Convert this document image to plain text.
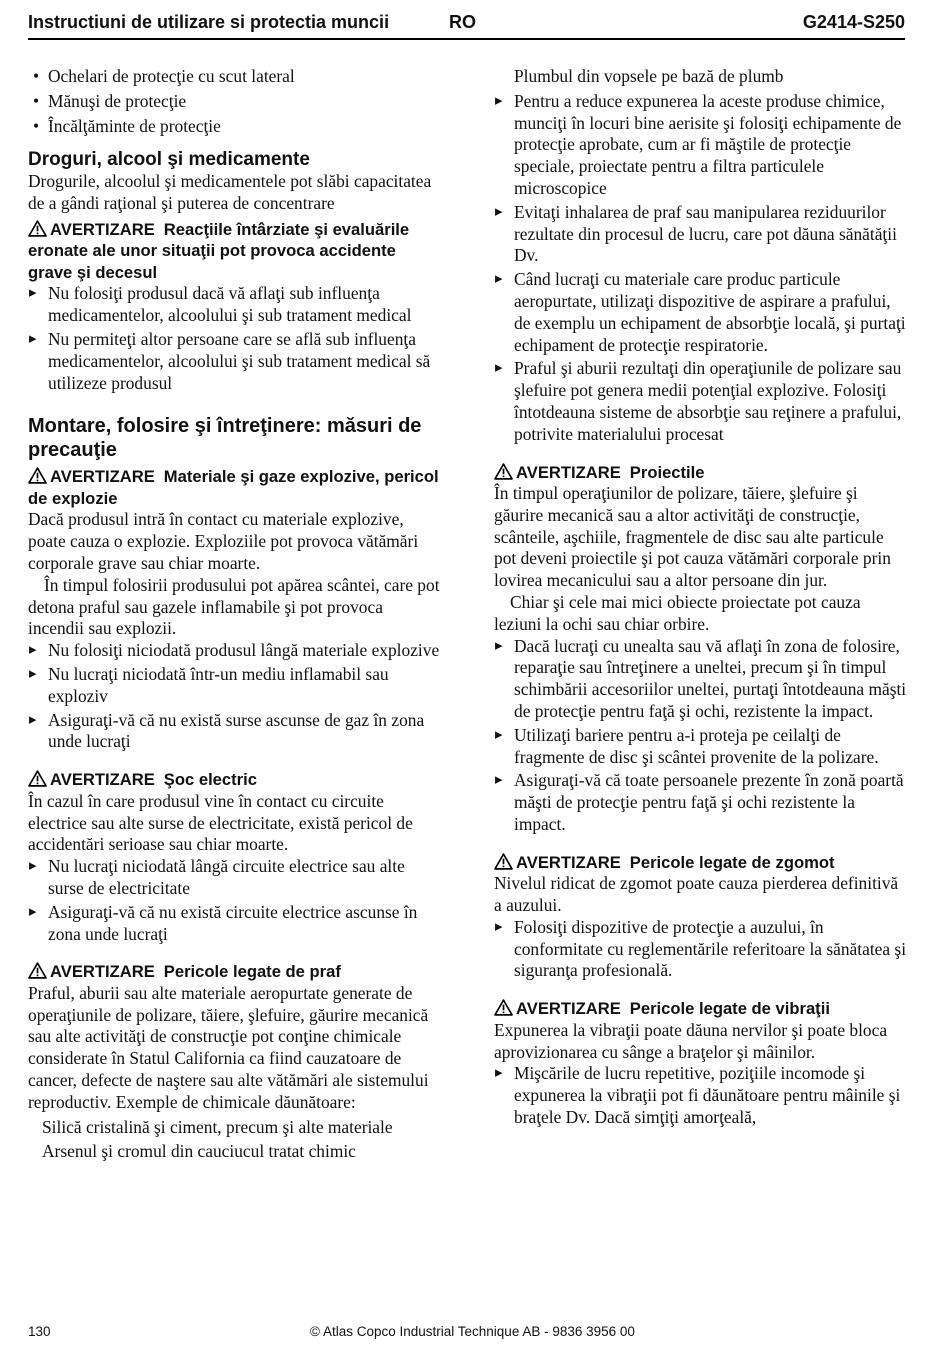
Instructiuni de utilizare si protectia muncii	RO	G2414-S250
• Ochelari de protecţie cu scut lateral
• Mănuşi de protecţie
• Încălţăminte de protecţie
Droguri, alcool şi medicamente

Drogurile, alcoolul şi medicamentele pot slăbi capacitatea de a gândi raţional şi puterea de concentrare

AVERTIZARE Reacţiile întârziate şi evaluările eronate ale unor situaţii pot provoca accidente grave şi decesul
▸ Nu folosiţi produsul dacă vă aflaţi sub influenţa medicamentelor, alcoolului şi sub tratament medical
▸ Nu permiteţi altor persoane care se află sub influenţa medicamentelor, alcoolului şi sub tratament medical să utilizeze produsul
Montare, folosire şi întreţinere: măsuri de precauţie
AVERTIZARE Materiale şi gaze explozive, pericol de explozie

Dacă produsul intră în contact cu materiale explozive, poate cauza o explozie. Exploziile pot provoca vătămări corporale grave sau chiar moarte.

În timpul folosirii produsului pot apărea scântei, care pot detona praful sau gazele inflamabile şi pot provoca incendii sau explozii.

▸ Nu folosiţi niciodată produsul lângă materiale explozive
▸ Nu lucraţi niciodată într-un mediu inflamabil sau exploziv
▸ Asiguraţi-vă că nu există surse ascunse de gaz în zona unde lucraţi
AVERTIZARE Şoc electric

În cazul în care produsul vine în contact cu circuite electrice sau alte surse de electricitate, există pericol de accidentări serioase sau chiar moarte.

▸ Nu lucraţi niciodată lângă circuite electrice sau alte surse de electricitate
▸ Asiguraţi-vă că nu există circuite electrice ascunse în zona unde lucraţi
AVERTIZARE Pericole legate de praf

Praful, aburii sau alte materiale aeropurtate generate de operaţiunile de polizare, tăiere, şlefuire, găurire mecanică sau alte activităţi de construcţie pot conţine chimicale considerate în Statul California ca fiind cauzatoare de cancer, defecte de naştere sau alte vătămări ale sistemului reproductiv. Exemple de chimicale dăunătoare:

Silică cristalină şi ciment, precum şi alte materiale

Arsenul şi cromul din cauciucul tratat chimic

Plumbul din vopsele pe bază de plumb

▸ Pentru a reduce expunerea la aceste produse chimice, munciţi în locuri bine aerisite şi folosiţi echipamente de protecţie aprobate, cum ar fi măştile de protecţie speciale, proiectate pentru a filtra particulele microscopice
▸ Evitaţi inhalarea de praf sau manipularea reziduurilor rezultate din procesul de lucru, care pot dăuna sănătăţii Dv.
▸ Când lucraţi cu materiale care produc particule aeropurtate, utilizaţi dispozitive de aspirare a prafului, de exemplu un echipament de absorbţie locală, şi purtaţi echipament de protecţie respiratorie.
▸ Praful şi aburii rezultaţi din operaţiunile de polizare sau şlefuire pot genera medii potenţial explozive. Folosiţi întotdeauna sisteme de absorbţie sau reţinere a prafului, potrivite materialului procesat
AVERTIZARE Proiectile

În timpul operaţiunilor de polizare, tăiere, şlefuire şi găurire mecanică sau a altor activităţi de construcţie, scânteile, aşchiile, fragmentele de disc sau alte particule pot deveni proiectile şi pot cauza vătămări corporale prin lovirea mecanicului sau a altor persoane din jur.

Chiar şi cele mai mici obiecte proiectate pot cauza leziuni la ochi sau chiar orbire.

▸ Dacă lucraţi cu unealta sau vă aflaţi în zona de folosire, reparaţie sau întreţinere a uneltei, precum şi în timpul schimbării accesoriilor uneltei, purtaţi întotdeauna măşti de protecţie pentru faţă şi ochi, rezistente la impact.
▸ Utilizaţi bariere pentru a-i proteja pe ceilalţi de fragmente de disc şi scântei provenite de la polizare.
▸ Asiguraţi-vă că toate persoanele prezente în zonă poartă măşti de protecţie pentru faţă şi ochi rezistente la impact.
AVERTIZARE Pericole legate de zgomot

Nivelul ridicat de zgomot poate cauza pierderea definitivă a auzului.

▸ Folosiţi dispozitive de protecţie a auzului, în conformitate cu reglementările referitoare la sănătatea şi siguranţa profesională.
AVERTIZARE Pericole legate de vibraţii

Expunerea la vibraţii poate dăuna nervilor şi poate bloca aprovizionarea cu sânge a braţelor şi mâinilor.

▸ Mişcările de lucru repetitive, poziţiile incomode şi expunerea la vibraţii pot fi dăunătoare pentru mâinile şi braţele Dv. Dacă simţiţi amorţeală,
130	© Atlas Copco Industrial Technique AB - 9836 3956 00
